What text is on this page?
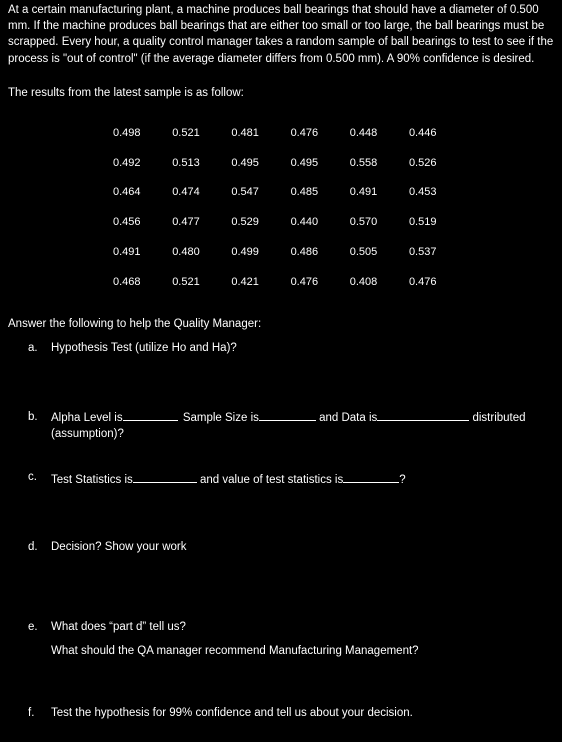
At a certain manufacturing plant, a machine produces ball bearings that should have a diameter of 0.500 mm. If the machine produces ball bearings that are either too small or too large, the ball bearings must be scrapped. Every hour, a quality control manager takes a random sample of ball bearings to test to see if the process is "out of control" (if the average diameter differs from 0.500 mm). A 90% confidence is desired.
The results from the latest sample is as follow:
0.498	0.521	0.481	0.476	0.448	0.446
0.492	0.513	0.495	0.495	0.558	0.526
0.464	0.474	0.547	0.485	0.491	0.453
0.456	0.477	0.529	0.440	0.570	0.519
0.491	0.480	0.499	0.486	0.505	0.537
0.468	0.521	0.421	0.476	0.408	0.476
Answer the following to help the Quality Manager:
a.	Hypothesis Test (utilize Ho and Ha)?
b.	Alpha Level is	Sample Size is	and Data is	distributed
(assumption)?
c.	Test Statistics is	and value of test statistics is	?
d.	Decision? Show your work
e.	What does “part d” tell us?
What should the QA manager recommend Manufacturing Management?
f.	Test the hypothesis for 99% confidence and tell us about your decision.
